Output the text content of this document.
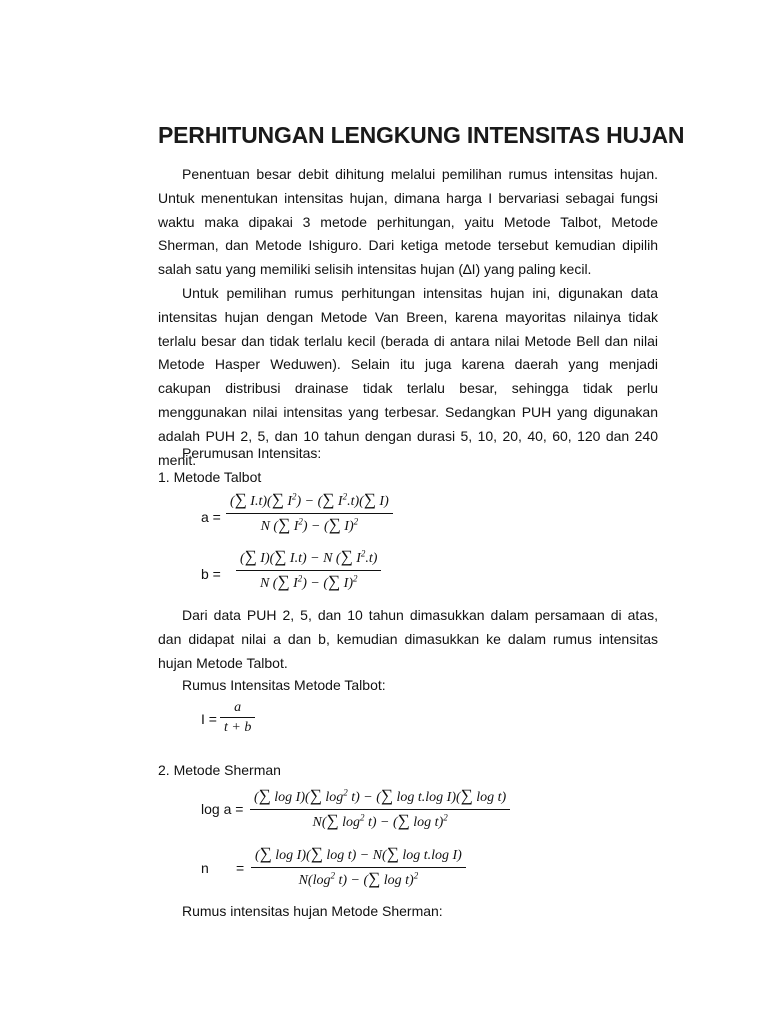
PERHITUNGAN LENGKUNG INTENSITAS HUJAN

Penentuan besar debit dihitung melalui pemilihan rumus intensitas hujan. Untuk menentukan intensitas hujan, dimana harga I bervariasi sebagai fungsi waktu maka dipakai 3 metode perhitungan, yaitu Metode Talbot, Metode Sherman, dan Metode Ishiguro. Dari ketiga metode tersebut kemudian dipilih salah satu yang memiliki selisih intensitas hujan (∆I) yang paling kecil.

Untuk pemilihan rumus perhitungan intensitas hujan ini, digunakan data intensitas hujan dengan Metode Van Breen, karena mayoritas nilainya tidak terlalu besar dan tidak terlalu kecil (berada di antara nilai Metode Bell dan nilai Metode Hasper Weduwen). Selain itu juga karena daerah yang menjadi cakupan distribusi drainase tidak terlalu besar, sehingga tidak perlu menggunakan nilai intensitas yang terbesar. Sedangkan PUH yang digunakan adalah PUH 2, 5, dan 10 tahun dengan durasi 5, 10, 20, 40, 60, 120 dan 240 menit.

Perumusan Intensitas:
1. Metode Talbot
a =
(∑ I.t)(∑ $I^2$) − (∑ $I^2.t)(\sum$ I)
N (∑ $I^2$) − (∑ I)$^2$
b =
(∑ I)(∑ I.t) − N (∑ $I^2.t$)
N (∑ $I^2$) − (∑ I)$^2$

Dari data PUH 2, 5, dan 10 tahun dimasukkan dalam persamaan di atas, dan didapat nilai a dan b, kemudian dimasukkan ke dalam rumus intensitas hujan Metode Talbot.

Rumus Intensitas Metode Talbot:
I =
a
t + b
2. Metode Sherman
log a =
(∑ log I)(∑ $\log^2 t$) − (∑ log t.log I)(∑ log t)
N(∑ $\log^2 t$) − (∑ log t)$^2$
n =
(∑ log I)(∑ log t) − N(∑ log t.log I)
$N(\log^2$ t) − (∑ log t)$^2$
Rumus intensitas hujan Metode Sherman:
